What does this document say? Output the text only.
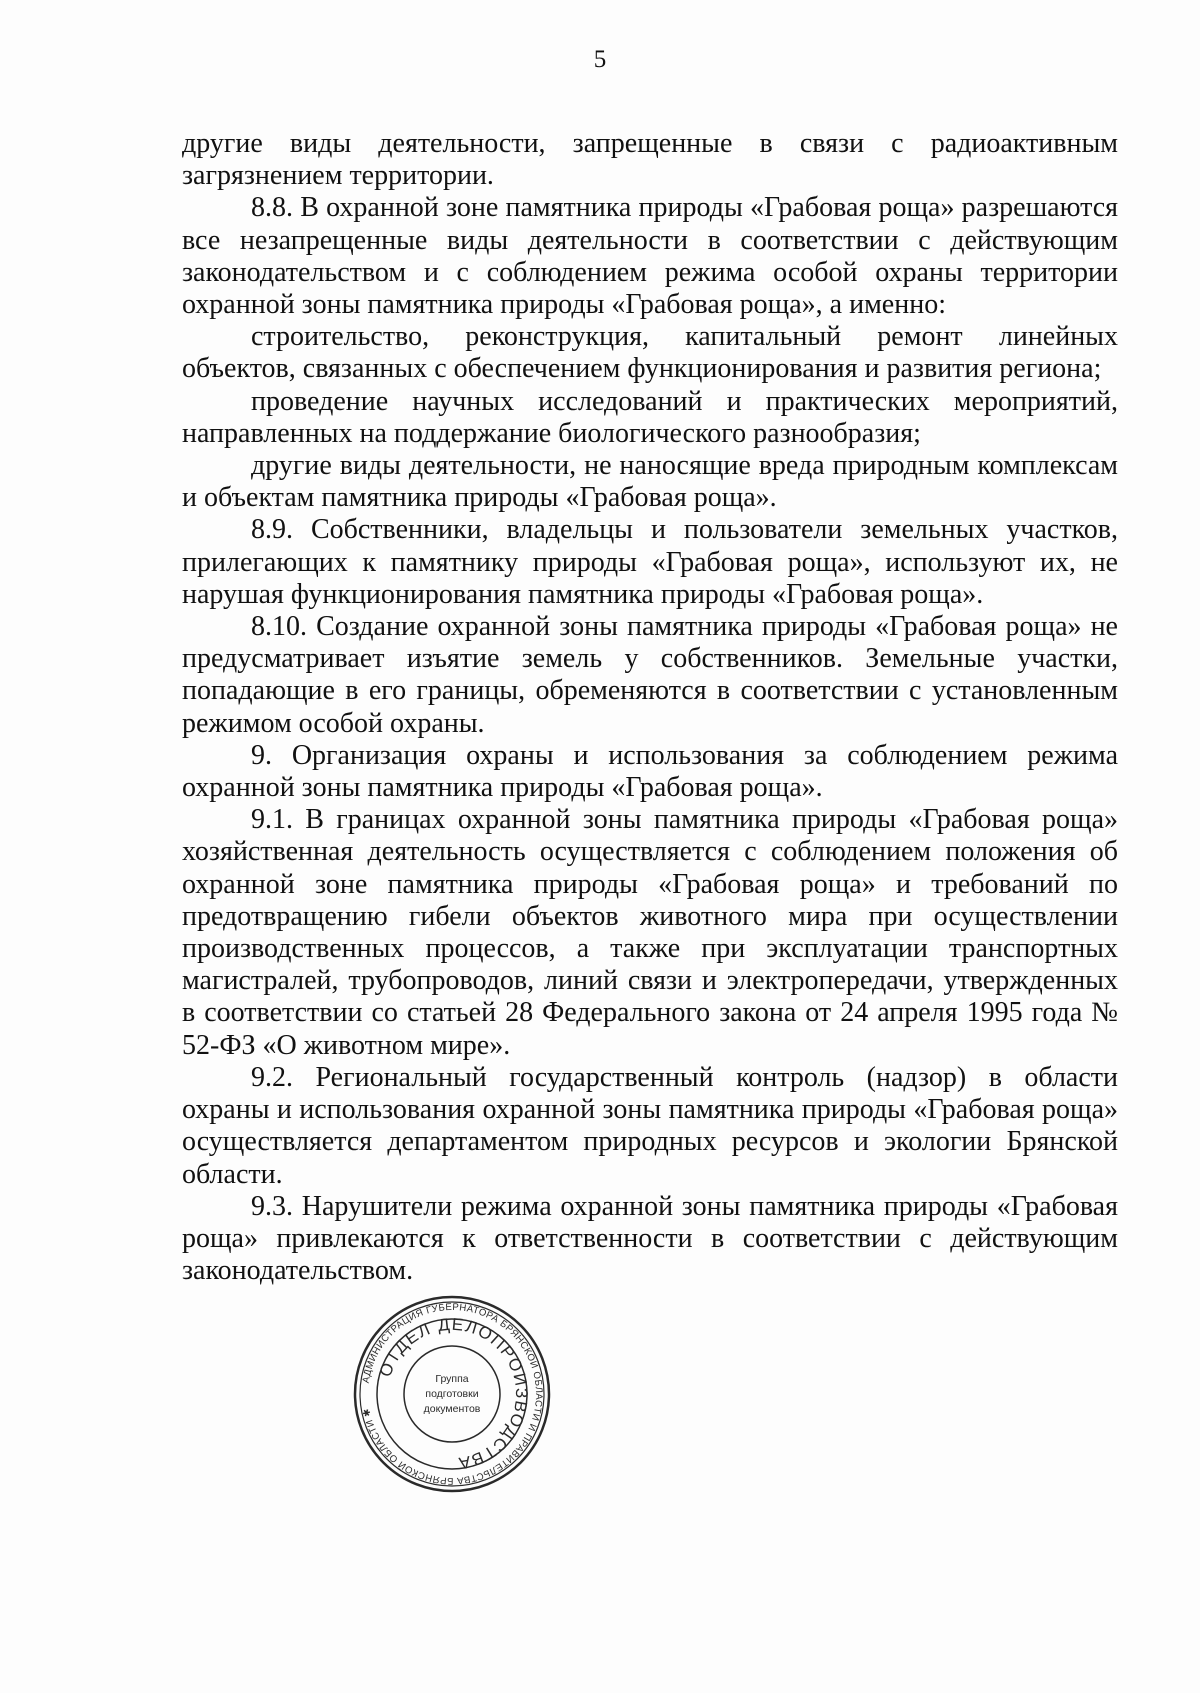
5

другие виды деятельности, запрещенные в связи с радиоактивным загрязнением территории.

8.8. В охранной зоне памятника природы «Грабовая роща» разрешаются все незапрещенные виды деятельности в соответствии с действующим законодательством и с соблюдением режима особой охраны территории охранной зоны памятника природы «Грабовая роща», а именно:

строительство, реконструкция, капитальный ремонт линейных объектов, связанных с обеспечением функционирования и развития региона;

проведение научных исследований и практических мероприятий, направленных на поддержание биологического разнообразия;

другие виды деятельности, не наносящие вреда природным комплексам и объектам памятника природы «Грабовая роща».

8.9. Собственники, владельцы и пользователи земельных участков, прилегающих к памятнику природы «Грабовая роща», используют их, не нарушая функционирования памятника природы «Грабовая роща».

8.10. Создание охранной зоны памятника природы «Грабовая роща» не предусматривает изъятие земель у собственников. Земельные участки, попадающие в его границы, обременяются в соответствии с установленным режимом особой охраны.

9. Организация охраны и использования за соблюдением режима охранной зоны памятника природы «Грабовая роща».

9.1. В границах охранной зоны памятника природы «Грабовая роща» хозяйственная деятельность осуществляется с соблюдением положения об охранной зоне памятника природы «Грабовая роща» и требований по предотвращению гибели объектов животного мира при осуществлении производственных процессов, а также при эксплуатации транспортных магистралей, трубопроводов, линий связи и электропередачи, утвержденных в соответствии со статьей 28 Федерального закона от 24 апреля 1995 года № 52-ФЗ «О животном мире».

9.2. Региональный государственный контроль (надзор) в области охраны и использования охранной зоны памятника природы «Грабовая роща» осуществляется департаментом природных ресурсов и экологии Брянской области.

9.3. Нарушители режима охранной зоны памятника природы «Грабовая роща» привлекаются к ответственности в соответствии с действующим законодательством.

АДМИНИСТРАЦИЯ ГУБЕРНАТОРА БРЯНСКОЙ ОБЛАСТИ И ПРАВИТЕЛЬСТВА БРЯНСКОЙ ОБЛАСТИ ✱
ОТДЕЛ ДЕЛОПРОИЗВОДСТВА
Группа
подготовки
документов
